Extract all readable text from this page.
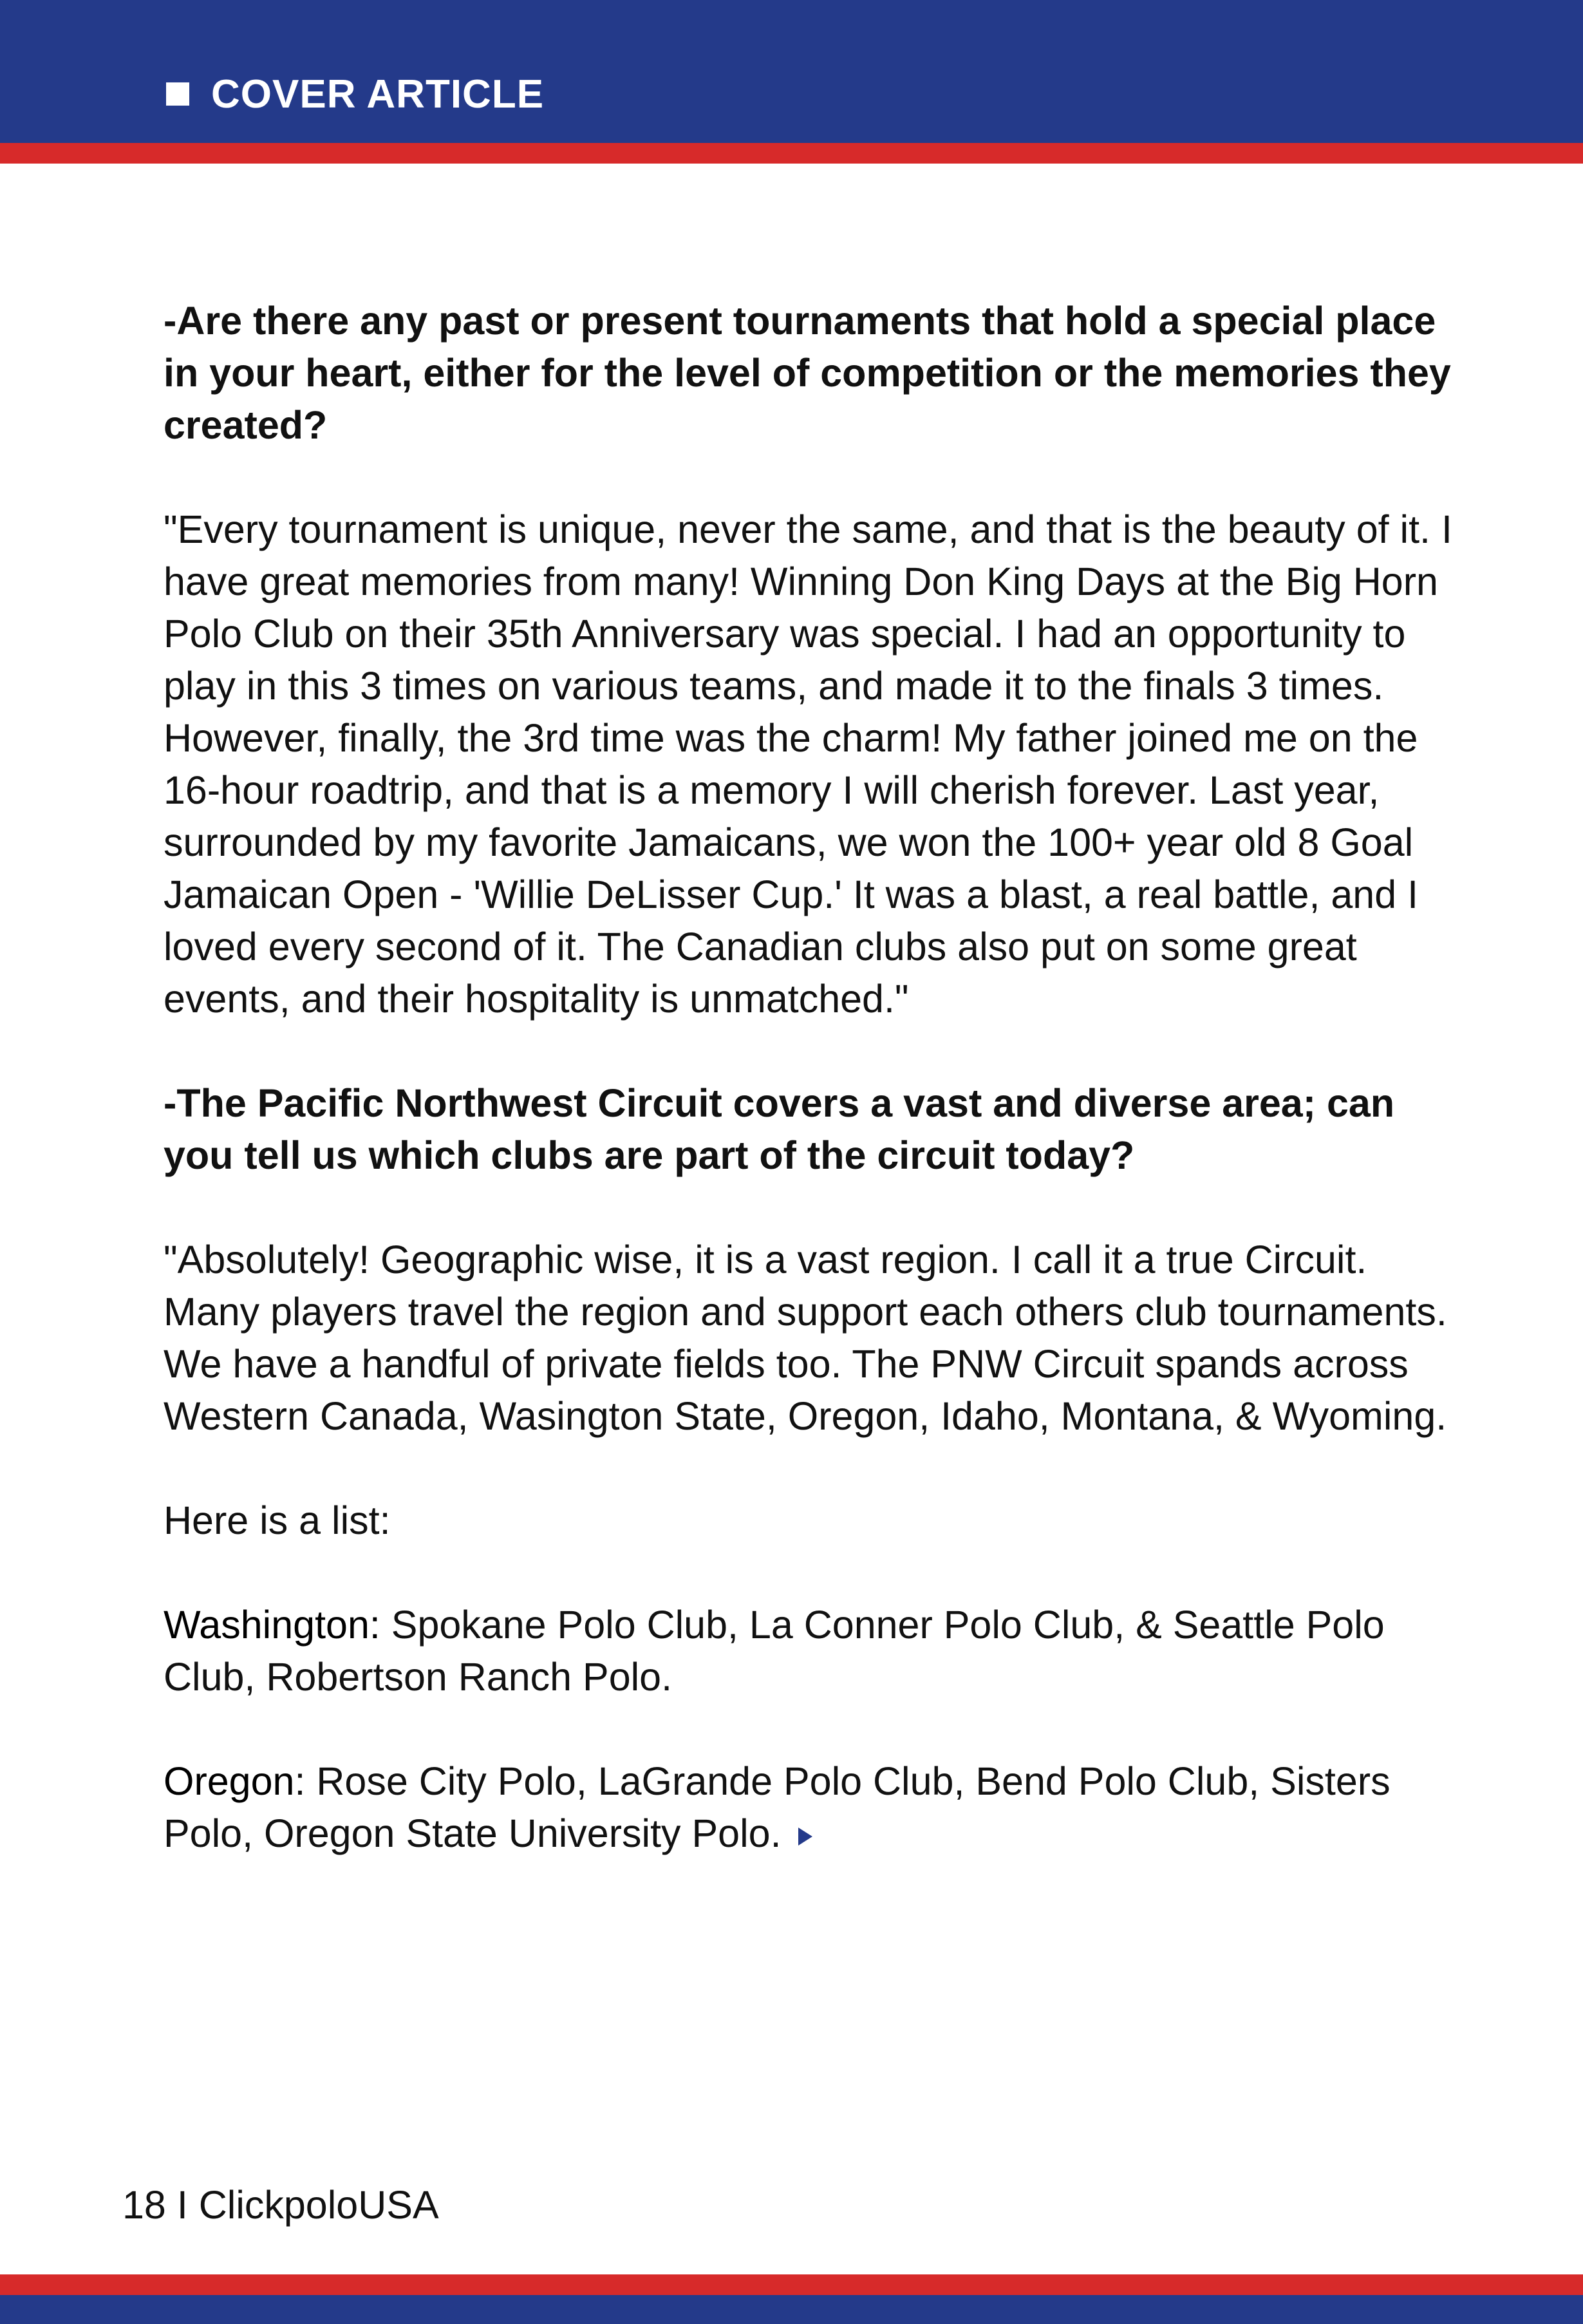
COVER ARTICLE

-Are there any past or present tournaments that hold a special place in your heart, either for the level of competition or the memories they created?

"Every tournament is unique, never the same, and that is the beauty of it. I have great memories from many! Winning Don King Days at the Big Horn Polo Club on their 35th Anniversary was special. I had an opportunity to play in this 3 times on various teams, and made it to the finals 3 times. However, finally, the 3rd time was the charm! My father joined me on the 16-hour roadtrip, and that is a memory I will cherish forever. Last year, surrounded by my favorite Jamaicans, we won the 100+ year old 8 Goal Jamaican Open - 'Willie DeLisser Cup.' It was a blast, a real battle, and I loved every second of it. The Canadian clubs also put on some great events, and their hospitality is unmatched."

-The Pacific Northwest Circuit covers a vast and diverse area; can you tell us which clubs are part of the circuit today?

"Absolutely! Geographic wise, it is a vast region. I call it a true Circuit. Many players travel the region and support each others club tournaments. We have a handful of private fields too. The PNW Circuit spands across Western Canada, Wasington State, Oregon, Idaho, Montana, & Wyoming.

Here is a list:

Washington: Spokane Polo Club, La Conner Polo Club, & Seattle Polo Club, Robertson Ranch Polo.

Oregon: Rose City Polo, LaGrande Polo Club, Bend Polo Club, Sisters Polo, Oregon State University Polo.

18 I ClickpoloUSA
